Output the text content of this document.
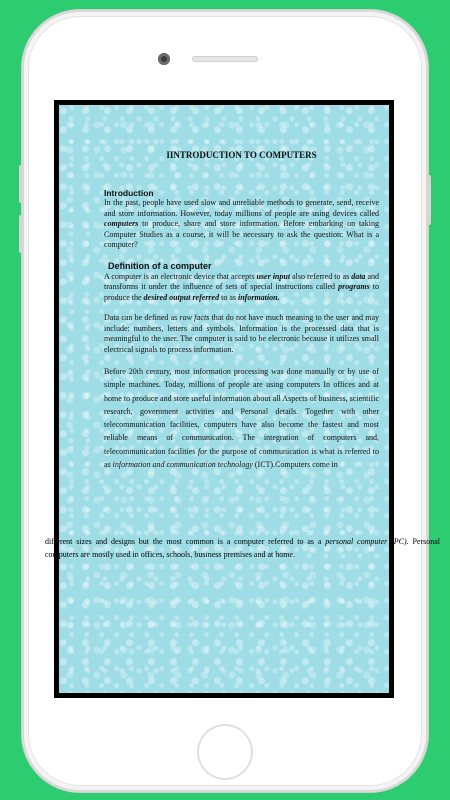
IINTRODUCTION TO COMPUTERS
Introduction

In the past, people have used slow and unreliable methods to generate, send, receive and store information. However, today millions of people are using devices called computers to produce, share and store information. Before embarking on taking Computer Studies as a course, it will be necessary to ask the question: What is a computer?

Definition of a computer

A computer is an electronic device that accepts user input also referred to as data and transforms it under the influence of sets of special instructions called programs to produce the desired output referred to as information.

Data can be defined as raw facts that do not have much meaning to the user and may include: numbers, letters and symbols. Information is the processed data that is meaningful to the user. The computer is said to be electronic because it utilizes small electrical signals to process information.

Before 20th century, most information processing was done manually or by use of simple machines. Today, millions of people are using computers In offices and at home to produce and store useful information about all Aspects of business, scientific research, government activities and Personal details. Together with other telecommunication facilities, computers have also become the fastest and most reliable means of communication. The integration of computers and, telecommunication facilities for the purpose of communication is what is referred to as information and communication technology (ICT).Computers come in

different sizes and designs but the most common is a computer referred to as a personal computer (PC). Personal computers are mostly used in offices, schools, business premises and at home.
